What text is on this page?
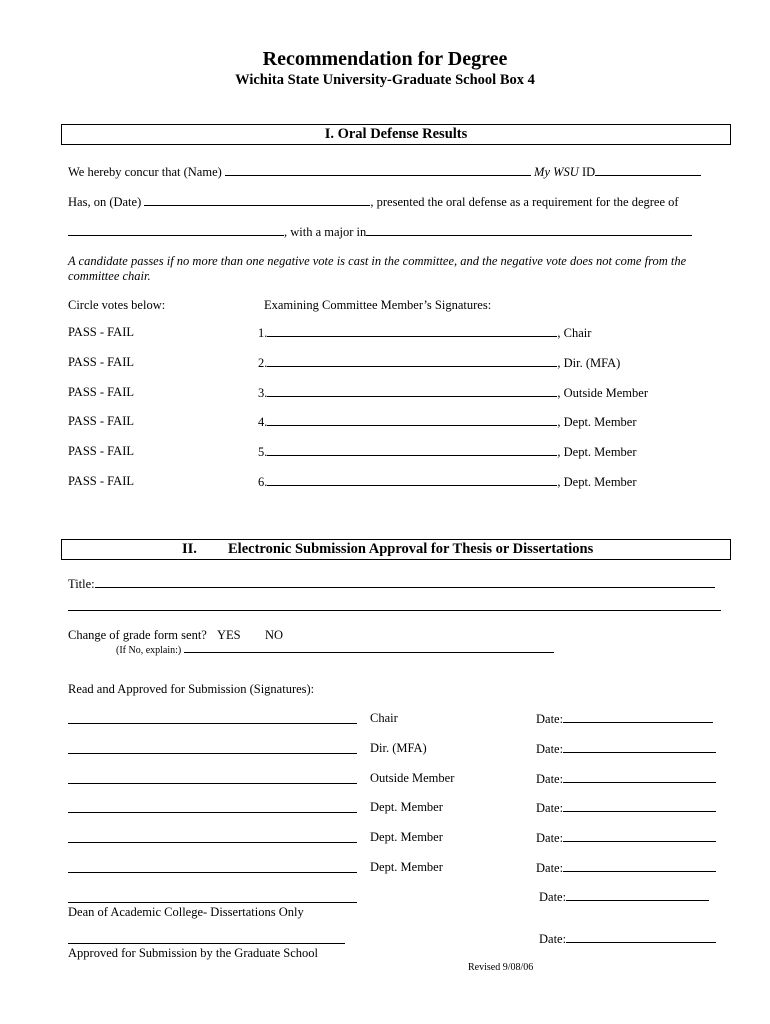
Recommendation for Degree
Wichita State University-Graduate School Box 4
I. Oral Defense Results
We hereby concur that (Name)	My WSU ID
Has, on (Date)	, presented the oral defense as a requirement for the degree of
, with a major in
A candidate passes if no more than one negative vote is cast in the committee, and the negative vote does not come from the committee chair.
Circle votes below:	Examining Committee Member’s Signatures:
PASS - FAIL	1.	, Chair
PASS - FAIL	2.	, Dir. (MFA)
PASS - FAIL	3.	, Outside Member
PASS - FAIL	4.	, Dept. Member
PASS - FAIL	5.	, Dept. Member
PASS - FAIL	6.	, Dept. Member
II. Electronic Submission Approval for Thesis or Dissertations
Title:
Change of grade form sent? YES NO
(If No, explain:)
Read and Approved for Submission (Signatures):
Chair	Date:
Dir. (MFA)	Date:
Outside Member	Date:
Dept. Member	Date:
Dept. Member	Date:
Dept. Member	Date:
Dean of Academic College- Dissertations Only
Date:
Approved for Submission by the Graduate School
Date:
Revised 9/08/06
